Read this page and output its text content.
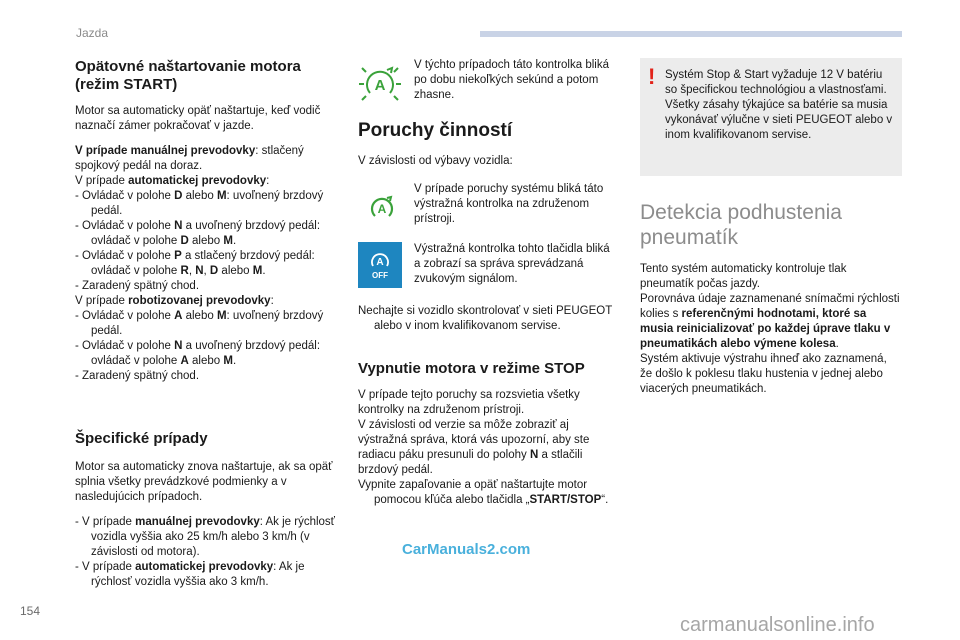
Jazda
Opätovné naštartovanie motora
(režim START)

Motor sa automaticky opäť naštartuje, keď vodič naznačí zámer pokračovať v jazde.

V prípade manuálnej prevodovky: stlačený spojkový pedál na doraz.

V prípade automatickej prevodovky:

- Ovládač v polohe D alebo M: uvoľnený brzdový pedál.
- Ovládač v polohe N a uvoľnený brzdový pedál: ovládač v polohe D alebo M.
- Ovládač v polohe P a stlačený brzdový pedál: ovládač v polohe R, N, D alebo M.
- Zaradený spätný chod.

V prípade robotizovanej prevodovky:

- Ovládač v polohe A alebo M: uvoľnený brzdový pedál.
- Ovládač v polohe N a uvoľnený brzdový pedál: ovládač v polohe A alebo M.
- Zaradený spätný chod.
Špecifické prípady

Motor sa automaticky znova naštartuje, ak sa opäť splnia všetky prevádzkové podmienky a v nasledujúcich prípadoch.

- V prípade manuálnej prevodovky: Ak je rýchlosť vozidla vyššia ako 25 km/h alebo 3 km/h (v závislosti od motora).
- V prípade automatickej prevodovky: Ak je rýchlosť vozidla vyššia ako 3 km/h.
A
A
A
OFF
V týchto prípadoch táto kontrolka bliká po dobu niekoľkých sekúnd a potom zhasne.
Poruchy činností

V závislosti od výbavy vozidla:

V prípade poruchy systému bliká táto výstražná kontrolka na združenom prístroji.
Výstražná kontrolka tohto tlačidla bliká a zobrazí sa správa sprevádzaná zvukovým signálom.
Nechajte si vozidlo skontrolovať v sieti PEUGEOT alebo v inom kvalifikovanom servise.
Vypnutie motora v režime STOP

V prípade tejto poruchy sa rozsvietia všetky kontrolky na združenom prístroji.

V závislosti od verzie sa môže zobraziť aj výstražná správa, ktorá vás upozorní, aby ste radiacu páku presunuli do polohy N a stlačili brzdový pedál.

Vypnite zapaľovanie a opäť naštartujte motor pomocou kľúča alebo tlačidla „START/STOP“.
! Systém Stop & Start vyžaduje 12 V batériu so špecifickou technológiou a vlastnosťami.

Všetky zásahy týkajúce sa batérie sa musia vykonávať výlučne v sieti PEUGEOT alebo v inom kvalifikovanom servise.

Detekcia podhustenia
pneumatík

Tento systém automaticky kontroluje tlak pneumatík počas jazdy.

Porovnáva údaje zaznamenané snímačmi rýchlosti kolies s referenčnými hodnotami, ktoré sa musia reinicializovať po každej úprave tlaku v pneumatikách alebo výmene kolesa.

Systém aktivuje výstrahu ihneď ako zaznamená, že došlo k poklesu tlaku hustenia v jednej alebo viacerých pneumatikách.

154
CarManuals2.com
carmanualsonline.info
